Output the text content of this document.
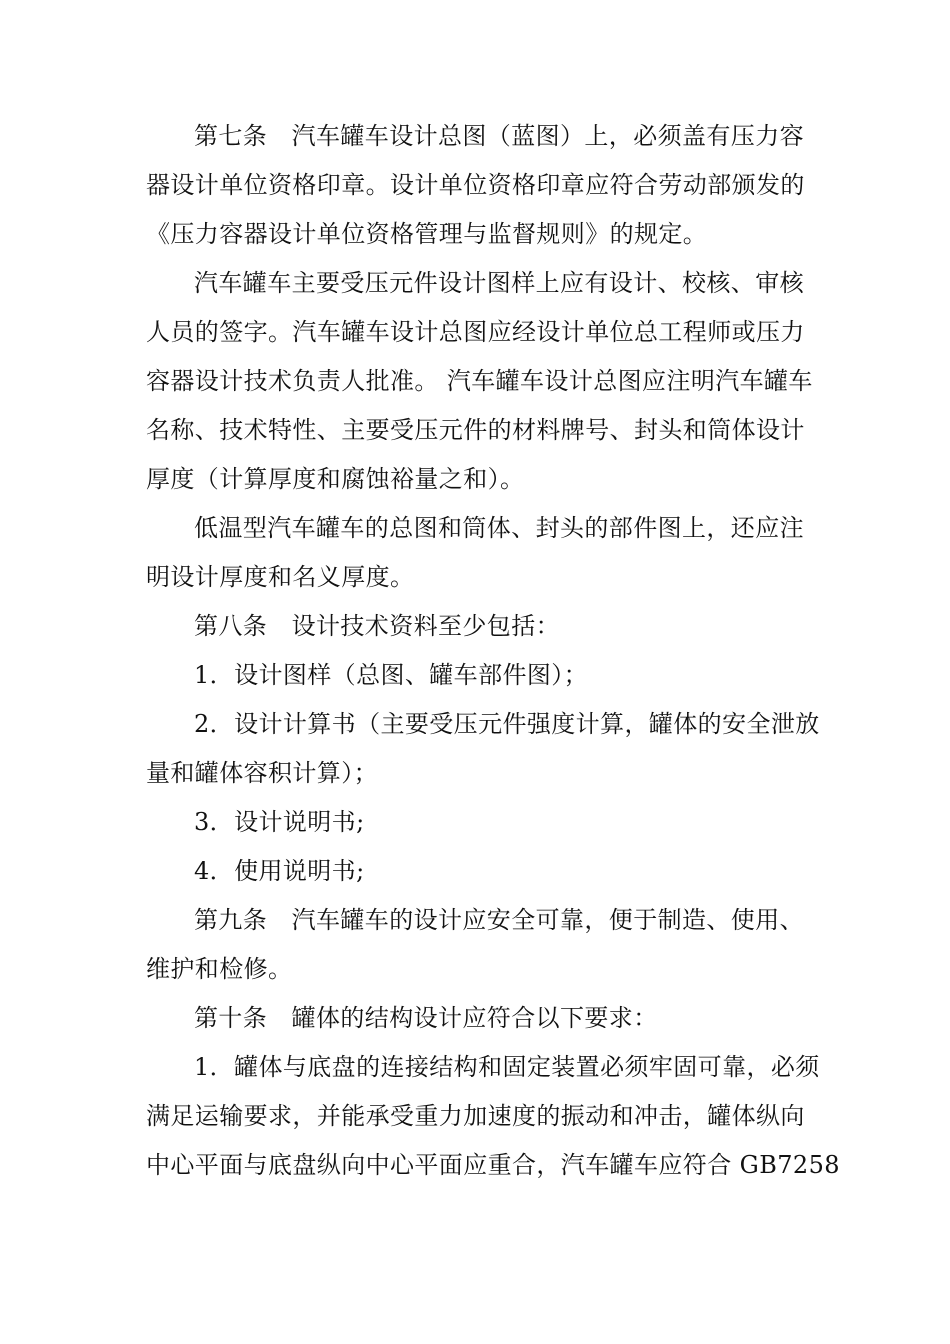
第七条　汽车罐车设计总图（蓝图）上，必须盖有压力容
器设计单位资格印章。设计单位资格印章应符合劳动部颁发的
《压力容器设计单位资格管理与监督规则》的规定。
汽车罐车主要受压元件设计图样上应有设计、校核、审核
人员的签字。汽车罐车设计总图应经设计单位总工程师或压力
容器设计技术负责人批准。 汽车罐车设计总图应注明汽车罐车
名称、技术特性、主要受压元件的材料牌号、封头和筒体设计
厚度（计算厚度和腐蚀裕量之和）。
低温型汽车罐车的总图和筒体、封头的部件图上，还应注
明设计厚度和名义厚度。
第八条　设计技术资料至少包括：
1．设计图样（总图、罐车部件图）；
2．设计计算书（主要受压元件强度计算，罐体的安全泄放
量和罐体容积计算）；
3．设计说明书;
4．使用说明书;
第九条　汽车罐车的设计应安全可靠，便于制造、使用、
维护和检修。
第十条　罐体的结构设计应符合以下要求：
1．罐体与底盘的连接结构和固定装置必须牢固可靠，必须
满足运输要求，并能承受重力加速度的振动和冲击，罐体纵向
中心平面与底盘纵向中心平面应重合，汽车罐车应符合 GB7258
